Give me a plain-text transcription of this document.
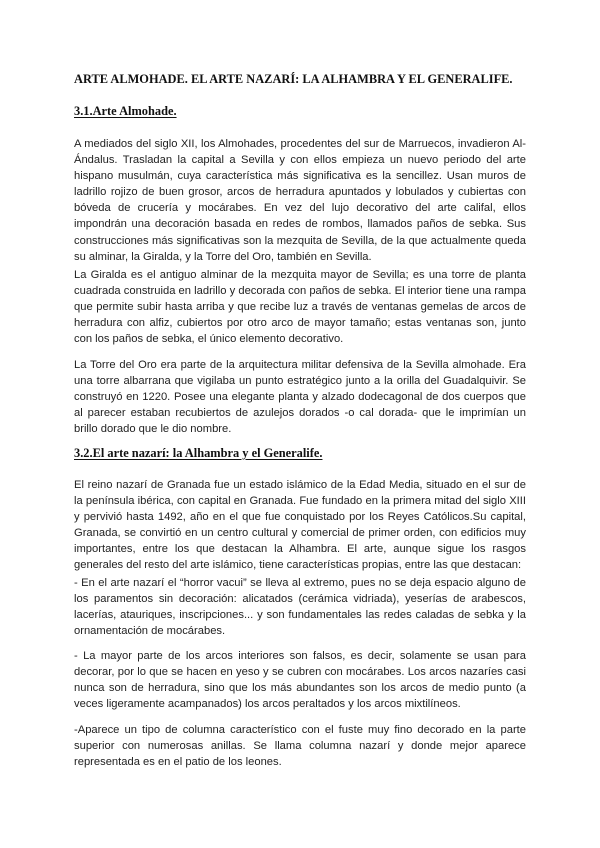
ARTE ALMOHADE. EL ARTE NAZARÍ: LA ALHAMBRA Y EL GENERALIFE.
3.1.Arte Almohade.

A mediados del siglo XII, los Almohades, procedentes del sur de Marruecos, invadieron Al-Ándalus. Trasladan la capital a Sevilla y con ellos empieza un nuevo periodo del arte hispano musulmán, cuya característica más significativa es la sencillez. Usan muros de ladrillo rojizo de buen grosor, arcos de herradura apuntados y lobulados y cubiertas con bóveda de crucería y mocárabes. En vez del lujo decorativo del arte califal, ellos impondrán una decoración basada en redes de rombos, llamados paños de sebka. Sus construcciones más significativas son la mezquita de Sevilla, de la que actualmente queda su alminar, la Giralda, y la Torre del Oro, también en Sevilla.

La Giralda es el antiguo alminar de la mezquita mayor de Sevilla; es una torre de planta cuadrada construida en ladrillo y decorada con paños de sebka. El interior tiene una rampa que permite subir hasta arriba y que recibe luz a través de ventanas gemelas de arcos de herradura con alfiz, cubiertos por otro arco de mayor tamaño; estas ventanas son, junto con los paños de sebka, el único elemento decorativo.

La Torre del Oro era parte de la arquitectura militar defensiva de la Sevilla almohade. Era una torre albarrana que vigilaba un punto estratégico junto a la orilla del Guadalquivir. Se construyó en 1220. Posee una elegante planta y alzado dodecagonal de dos cuerpos que al parecer estaban recubiertos de azulejos dorados -o cal dorada- que le imprimían un brillo dorado que le dio nombre.

3.2.El arte nazarí: la Alhambra y el Generalife.

El reino nazarí de Granada fue un estado islámico de la Edad Media, situado en el sur de la península ibérica, con capital en Granada. Fue fundado en la primera mitad del siglo XIII y pervivió hasta 1492, año en el que fue conquistado por los Reyes Católicos.Su capital, Granada, se convirtió en un centro cultural y comercial de primer orden, con edificios muy importantes, entre los que destacan la Alhambra. El arte, aunque sigue los rasgos generales del resto del arte islámico, tiene características propias, entre las que destacan:

- En el arte nazarí el “horror vacui” se lleva al extremo, pues no se deja espacio alguno de los paramentos sin decoración: alicatados (cerámica vidriada), yeserías de arabescos, lacerías, atauriques, inscripciones... y son fundamentales las redes caladas de sebka y la ornamentación de mocárabes.

- La mayor parte de los arcos interiores son falsos, es decir, solamente se usan para decorar, por lo que se hacen en yeso y se cubren con mocárabes. Los arcos nazaríes casi nunca son de herradura, sino que los más abundantes son los arcos de medio punto (a veces ligeramente acampanados) los arcos peraltados y los arcos mixtilíneos.

-Aparece un tipo de columna característico con el fuste muy fino decorado en la parte superior con numerosas anillas. Se llama columna nazarí y donde mejor aparece representada es en el patio de los leones.
